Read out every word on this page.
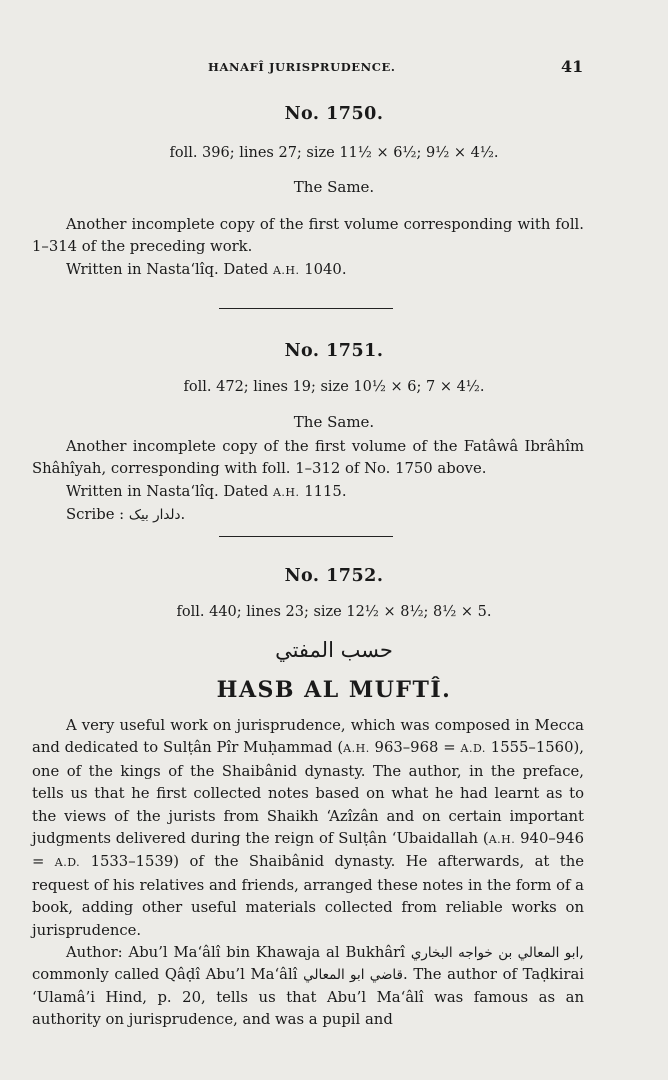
HANAFÎ JURISPRUDENCE.	41
No. 1750.
foll. 396; lines 27; size 11½ × 6½; 9½ × 4½.
The Same.

Another incomplete copy of the first volume corresponding with foll. 1–314 of the preceding work.

Written in Nasta‘lîq. Dated A.H. 1040.
No. 1751.
foll. 472; lines 19; size 10½ × 6; 7 × 4½.
The Same.

Another incomplete copy of the first volume of the Fatâwâ Ibrâhîm Shâhîyah, corresponding with foll. 1–312 of No. 1750 above.

Written in Nasta‘lîq. Dated A.H. 1115.
Scribe : دلدار بیک.
No. 1752.
foll. 440; lines 23; size 12½ × 8½; 8½ × 5.
حسب المفتي
HASB AL MUFTÎ.

A very useful work on jurisprudence, which was composed in Mecca and dedicated to Sulṭân Pîr Muḥammad (A.H. 963–968 = A.D. 1555–1560), one of the kings of the Shaibânid dynasty. The author, in the preface, tells us that he first collected notes based on what he had learnt as to the views of the jurists from Shaikh ‘Azîzân and on certain important judgments delivered during the reign of Sulṭân ‘Ubaidallah (A.H. 940–946 = A.D. 1533–1539) of the Shaibânid dynasty. He afterwards, at the request of his relatives and friends, arranged these notes in the form of a book, adding other useful materials collected from reliable works on jurisprudence.

Author: Abu’l Ma‘âlî bin Khawaja al Bukhârî ابو المعالي بن خواجه البخاري, commonly called Qâḍî Abu’l Ma‘âlî قاضي ابو المعالي. The author of Taḍkirai ‘Ulamâ’i Hind, p. 20, tells us that Abu’l Ma‘âlî was famous as an authority on jurisprudence, and was a pupil and
